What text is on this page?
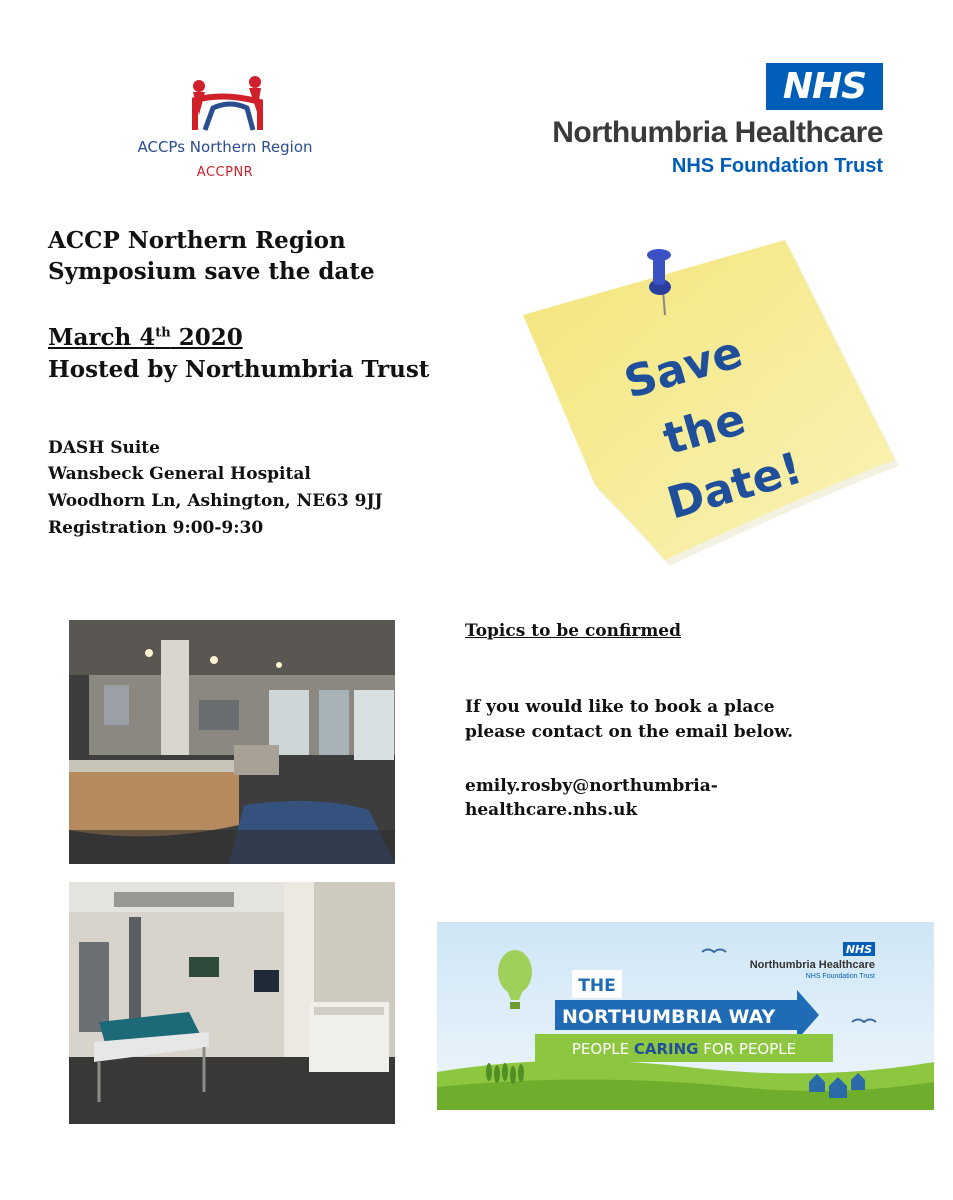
ACCPs Northern Region
ACCPNR
NHS
Northumbria Healthcare
NHS Foundation Trust
ACCP Northern Region
Symposium save the date
March 4th 2020
Hosted by Northumbria Trust
DASH Suite
Wansbeck General Hospital
Woodhorn Ln, Ashington, NE63 9JJ
Registration 9:00-9:30
Save
the
Date!
Topics to be confirmed
If you would like to book a place
please contact on the email below.
emily.rosby@northumbria-
healthcare.nhs.uk
NHS
Northumbria Healthcare
NHS Foundation Trust
THE
NORTHUMBRIA WAY
PEOPLE CARING FOR PEOPLE
